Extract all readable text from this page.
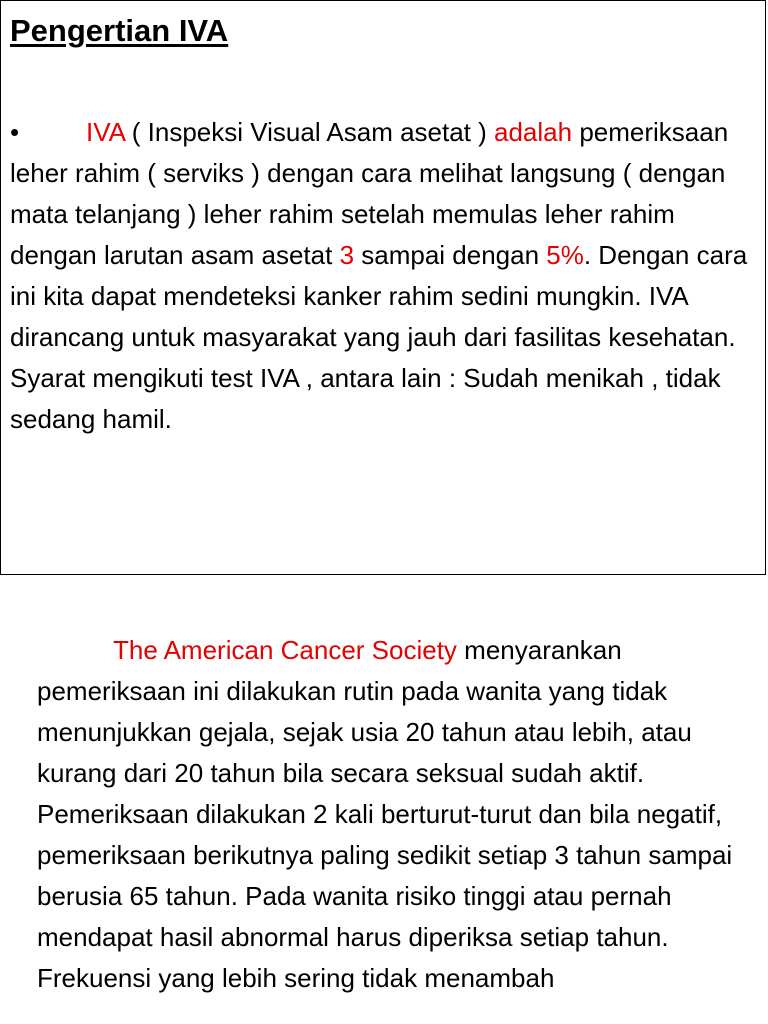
Pengertian IVA

•	IVA ( Inspeksi Visual Asam asetat ) adalah pemeriksaan leher rahim ( serviks ) dengan cara melihat langsung ( dengan mata telanjang ) leher rahim setelah memulas leher rahim dengan larutan asam asetat 3 sampai dengan 5%. Dengan cara ini kita dapat mendeteksi kanker rahim sedini mungkin. IVA dirancang untuk masyarakat yang jauh dari fasilitas kesehatan. Syarat mengikuti test IVA , antara lain : Sudah menikah , tidak sedang hamil.

The American Cancer Society menyarankan pemeriksaan ini dilakukan rutin pada wanita yang tidak menunjukkan gejala, sejak usia 20 tahun atau lebih, atau kurang dari 20 tahun bila secara seksual sudah aktif. Pemeriksaan dilakukan 2 kali berturut-turut dan bila negatif, pemeriksaan berikutnya paling sedikit setiap 3 tahun sampai berusia 65 tahun. Pada wanita risiko tinggi atau pernah mendapat hasil abnormal harus diperiksa setiap tahun. Frekuensi yang lebih sering tidak menambah
